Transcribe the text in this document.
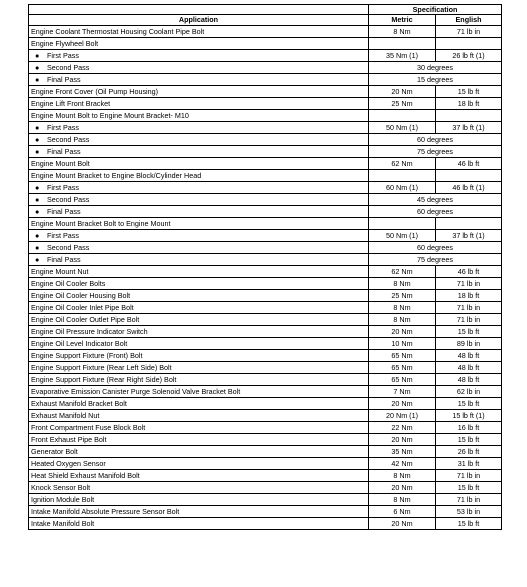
	Specification	
Application	Metric	English
Engine Coolant Thermostat Housing Coolant Pipe Bolt	8 Nm	71 lb in
Engine Flywheel Bolt		
● First Pass	35 Nm (1)	26 lb ft (1)
● Second Pass	30 degrees	
● Final Pass	15 degrees	
Engine Front Cover (Oil Pump Housing)	20 Nm	15 lb ft
Engine Lift Front Bracket	25 Nm	18 lb ft
Engine Mount Bolt to Engine Mount Bracket- M10		
● First Pass	50 Nm (1)	37 lb ft (1)
● Second Pass	60 degrees	
● Final Pass	75 degrees	
Engine Mount Bolt	62 Nm	46 lb ft
Engine Mount Bracket to Engine Block/Cylinder Head		
● First Pass	60 Nm (1)	46 lb ft (1)
● Second Pass	45 degrees	
● Final Pass	60 degrees	
Engine Mount Bracket Bolt to Engine Mount		
● First Pass	50 Nm (1)	37 lb ft (1)
● Second Pass	60 degrees	
● Final Pass	75 degrees	
Engine Mount Nut	62 Nm	46 lb ft
Engine Oil Cooler Bolts	8 Nm	71 lb in
Engine Oil Cooler Housing Bolt	25 Nm	18 lb ft
Engine Oil Cooler Inlet Pipe Bolt	8 Nm	71 lb in
Engine Oil Cooler Outlet Pipe Bolt	8 Nm	71 lb in
Engine Oil Pressure Indicator Switch	20 Nm	15 lb ft
Engine Oil Level Indicator Bolt	10 Nm	89 lb in
Engine Support Fixture (Front) Bolt	65 Nm	48 lb ft
Engine Support Fixture (Rear Left Side) Bolt	65 Nm	48 lb ft
Engine Support Fixture (Rear Right Side) Bolt	65 Nm	48 lb ft
Evaporative Emission Canister Purge Solenoid Valve Bracket Bolt	7 Nm	62 lb in
Exhaust Manifold Bracket Bolt	20 Nm	15 lb ft
Exhaust Manifold Nut	20 Nm (1)	15 lb ft (1)
Front Compartment Fuse Block Bolt	22 Nm	16 lb ft
Front Exhaust Pipe Bolt	20 Nm	15 lb ft
Generator Bolt	35 Nm	26 lb ft
Heated Oxygen Sensor	42 Nm	31 lb ft
Heat Shield Exhaust Manifold Bolt	8 Nm	71 lb in
Knock Sensor Bolt	20 Nm	15 lb ft
Ignition Module Bolt	8 Nm	71 lb in
Intake Manifold Absolute Pressure Sensor Bolt	6 Nm	53 lb in
Intake Manifold Bolt	20 Nm	15 lb ft
